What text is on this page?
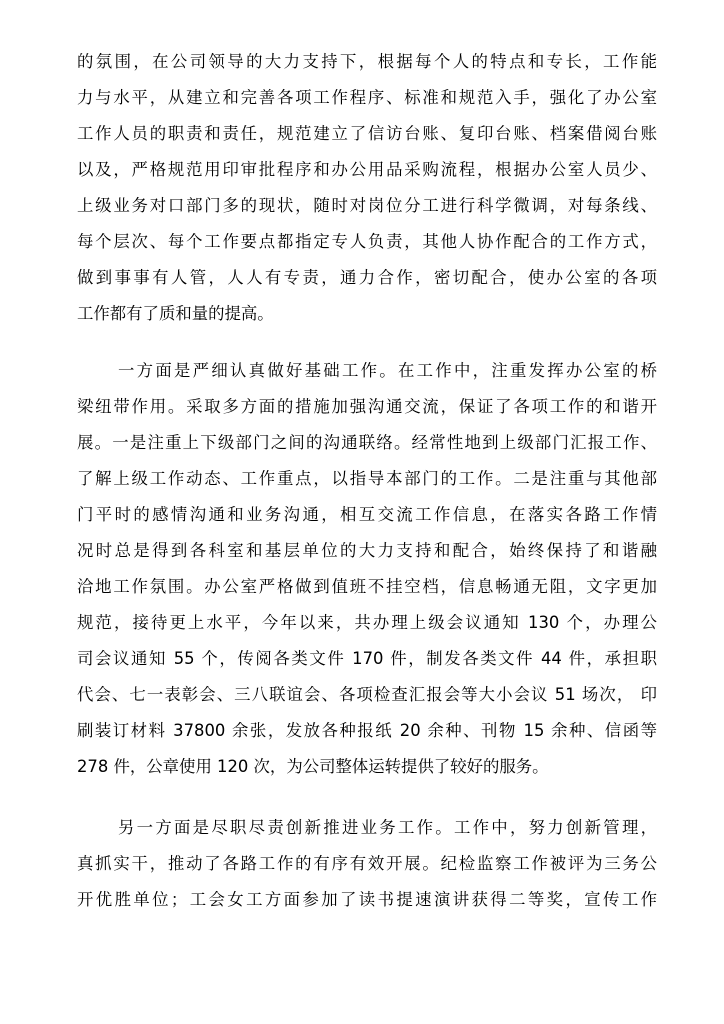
的氛围，在公司领导的大力支持下，根据每个人的特点和专长，工作能
力与水平，从建立和完善各项工作程序、标准和规范入手，强化了办公室
工作人员的职责和责任，规范建立了信访台账、复印台账、档案借阅台账
以及，严格规范用印审批程序和办公用品采购流程，根据办公室人员少、
上级业务对口部门多的现状，随时对岗位分工进行科学微调，对每条线、
每个层次、每个工作要点都指定专人负责，其他人协作配合的工作方式，
做到事事有人管，人人有专责，通力合作，密切配合，使办公室的各项
工作都有了质和量的提高。
一方面是严细认真做好基础工作。在工作中，注重发挥办公室的桥
梁纽带作用。采取多方面的措施加强沟通交流，保证了各项工作的和谐开
展。一是注重上下级部门之间的沟通联络。经常性地到上级部门汇报工作、
了解上级工作动态、工作重点，以指导本部门的工作。二是注重与其他部
门平时的感情沟通和业务沟通，相互交流工作信息，在落实各路工作情
况时总是得到各科室和基层单位的大力支持和配合，始终保持了和谐融
洽地工作氛围。办公室严格做到值班不挂空档，信息畅通无阻，文字更加
规范，接待更上水平，今年以来，共办理上级会议通知 130 个，办理公
司会议通知 55 个，传阅各类文件 170 件，制发各类文件 44 件，承担职
代会、七一表彰会、三八联谊会、各项检查汇报会等大小会议 51 场次， 印
刷装订材料 37800 余张，发放各种报纸 20 余种、刊物 15 余种、信函等
278 件，公章使用 120 次，为公司整体运转提供了较好的服务。
另一方面是尽职尽责创新推进业务工作。工作中，努力创新管理，
真抓实干，推动了各路工作的有序有效开展。纪检监察工作被评为三务公
开优胜单位；工会女工方面参加了读书提速演讲获得二等奖，宣传工作
